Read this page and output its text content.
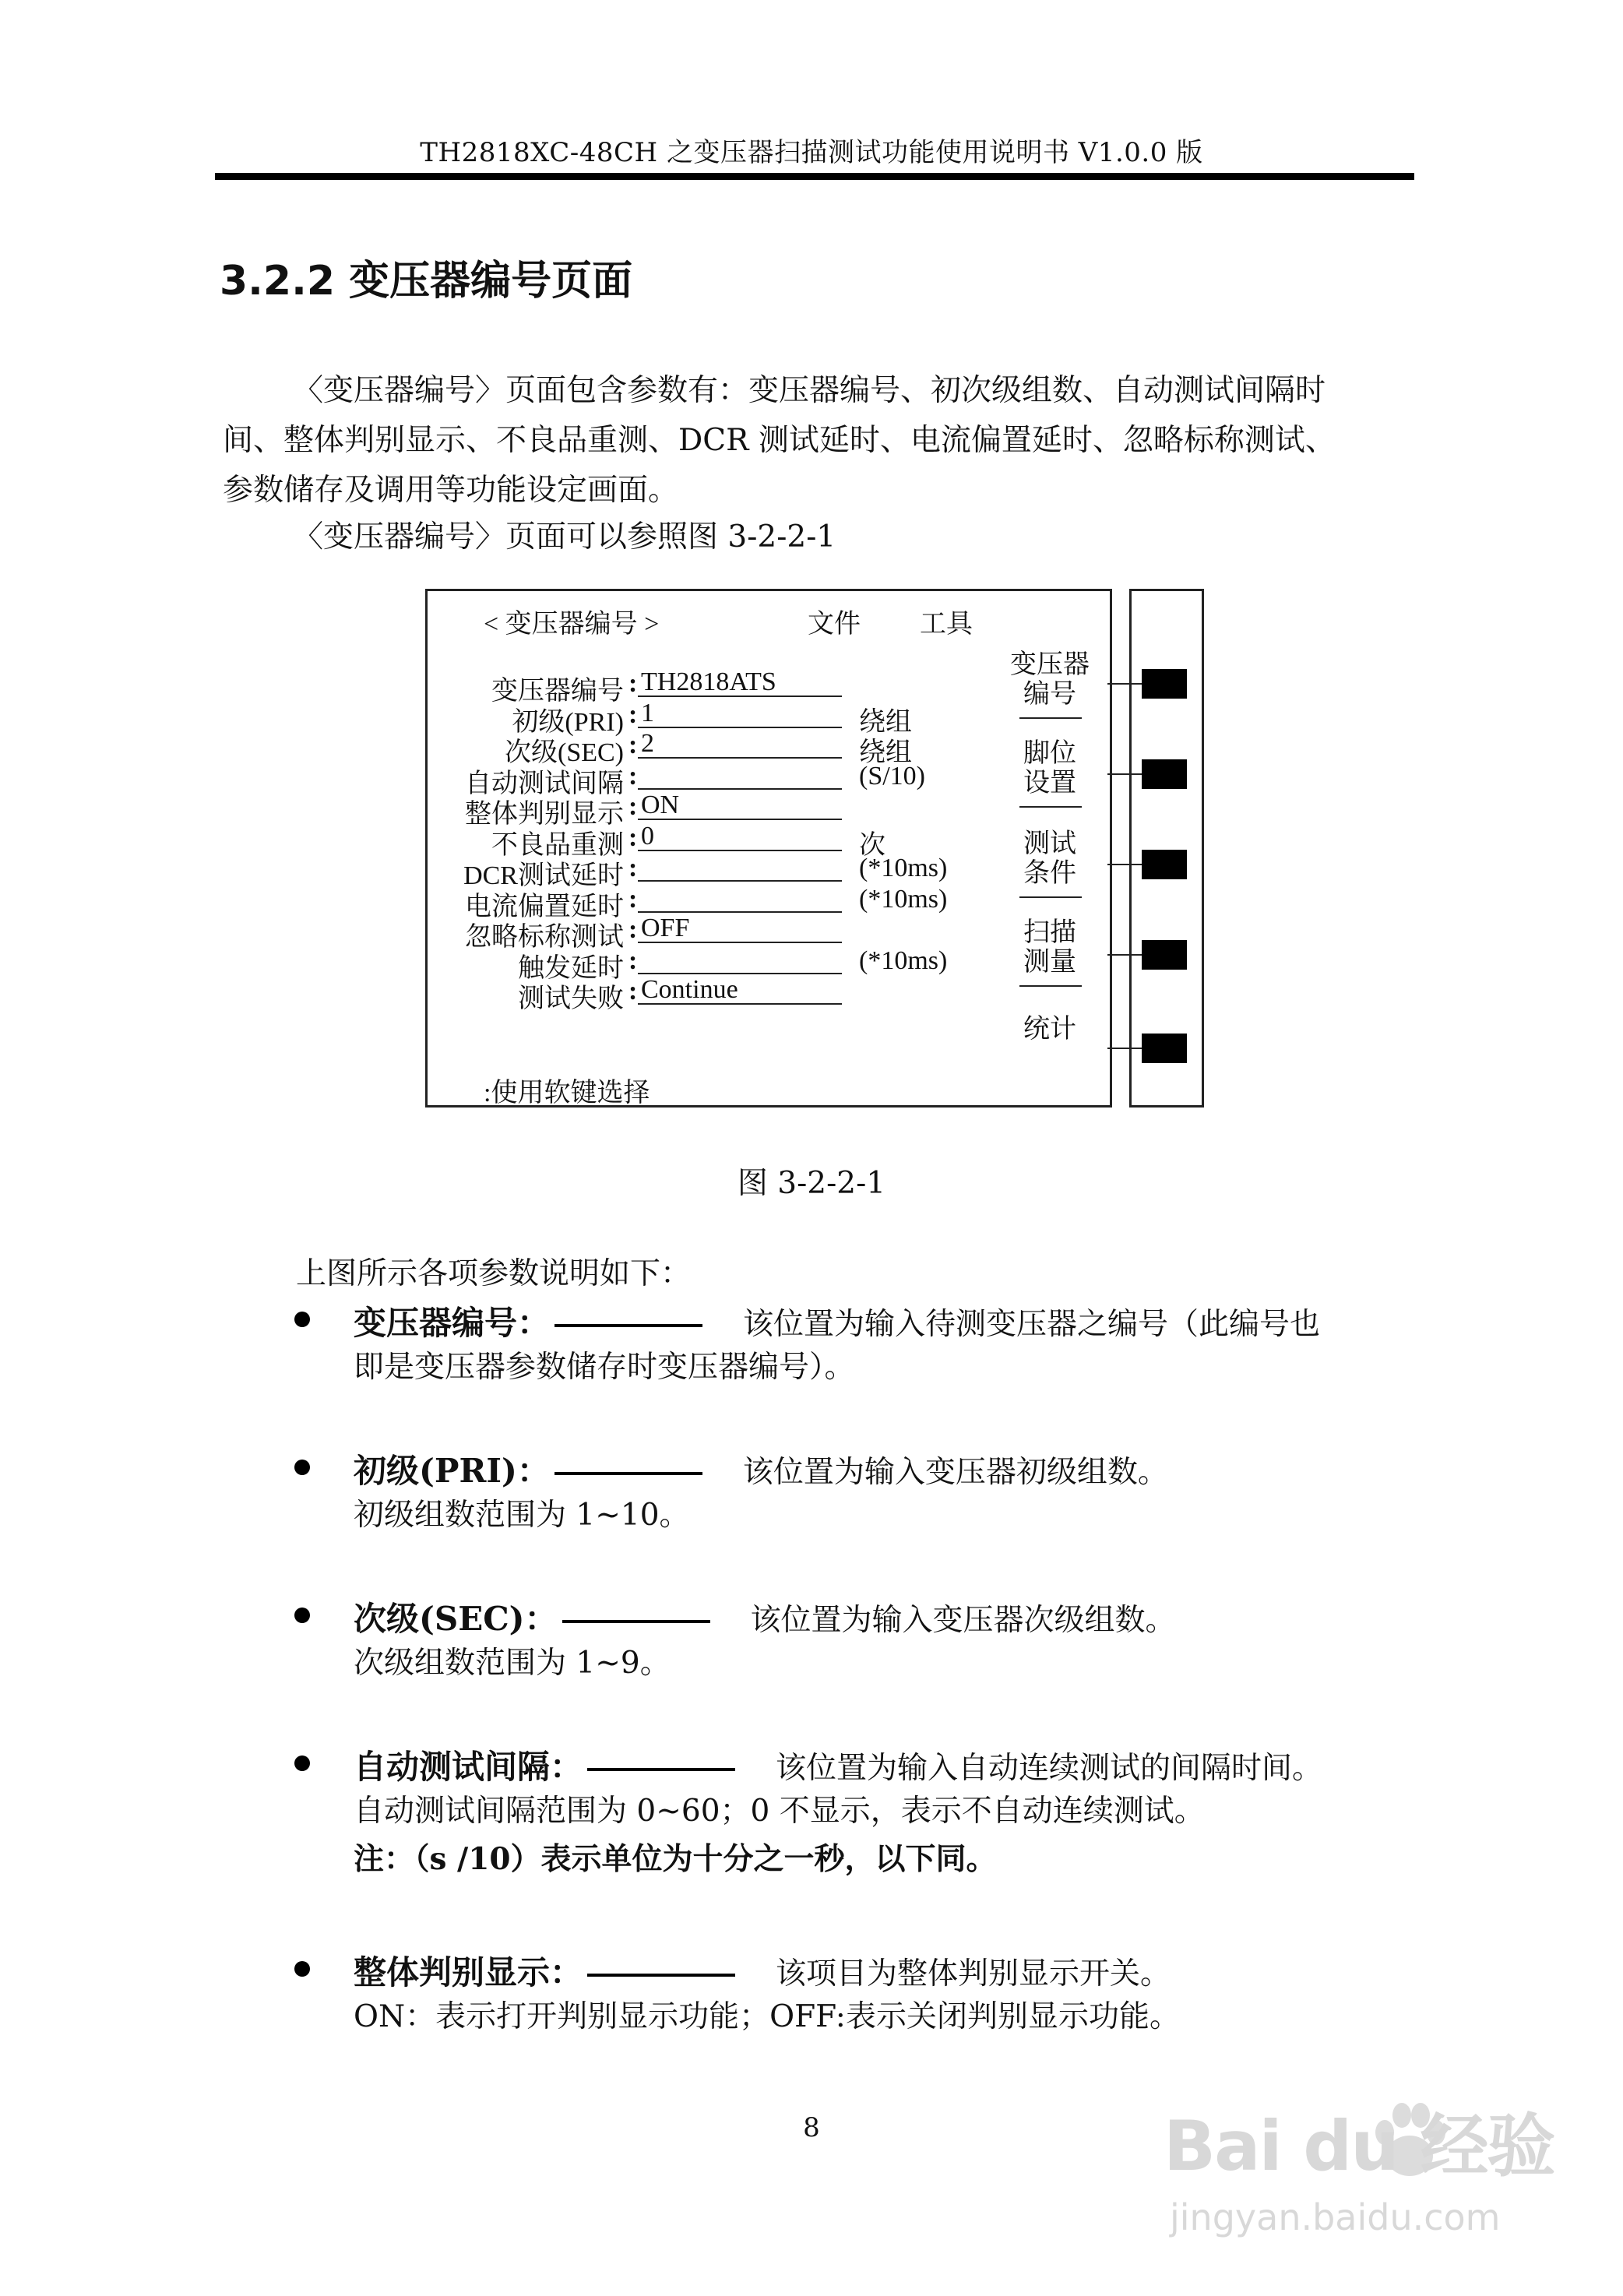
TH2818XC-48CH 之变压器扫描测试功能使用说明书 V1.0.0 版
3.2.2 变压器编号页面
〈变压器编号〉页面包含参数有：变压器编号、初次级组数、自动测试间隔时
间、整体判别显示、不良品重测、DCR 测试延时、电流偏置延时、忽略标称测试、
参数储存及调用等功能设定画面。
〈变压器编号〉页面可以参照图 3-2-2-1
< 变压器编号 >	文件 工具
变压器编号 : TH2818ATS
初级(PRI) : 1	绕组
次级(SEC) : 2	绕组
自动测试间隔 :	(S/10)
整体判别显示 : ON
不良品重测 : 0	次
DCR测试延时 :	(*10ms)
电流偏置延时 :	(*10ms)
忽略标称测试 : OFF
触发延时 :	(*10ms)
测试失败 : Continue
变压器
编号
脚位
设置
测试
条件
扫描
测量
统计
:使用软键选择
图 3-2-2-1
上图所示各项参数说明如下：
变压器编号：	该位置为输入待测变压器之编号（此编号也
即是变压器参数储存时变压器编号）。
初级(PRI)：	该位置为输入变压器初级组数。
初级组数范围为 1~10。
次级(SEC)：	该位置为输入变压器次级组数。
次级组数范围为 1~9。
自动测试间隔：	该位置为输入自动连续测试的间隔时间。
自动测试间隔范围为 0~60；0 不显示，表示不自动连续测试。
注：（s /10）表示单位为十分之一秒，以下同。
整体判别显示：	该项目为整体判别显示开关。
ON：表示打开判别显示功能；OFF:表示关闭判别显示功能。
8
jingyan.baidu.com
Bai du 经验
